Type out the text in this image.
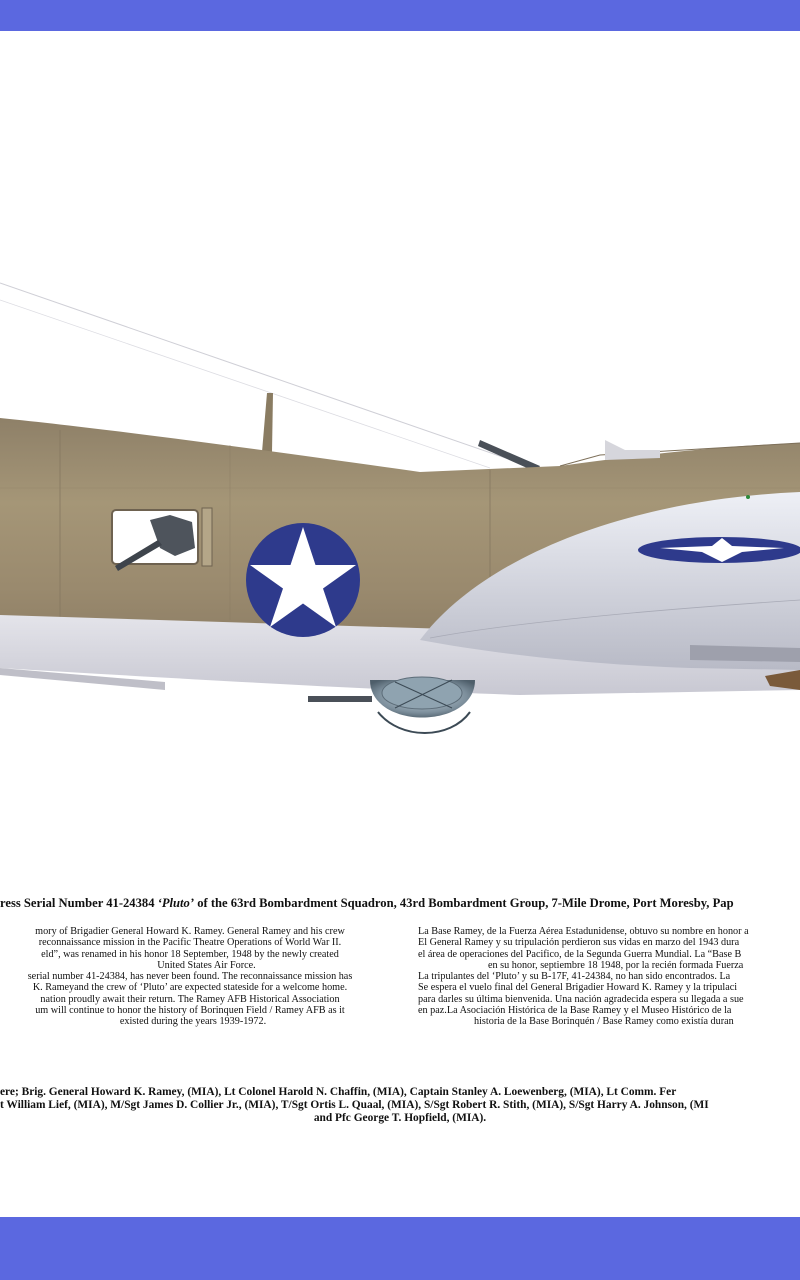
ress Serial Number 41-24384 ‘Pluto’ of the 63rd Bombardment Squadron, 43rd Bombardment Group, 7-Mile Drome, Port Moresby, Pap

mory of Brigadier General Howard K. Ramey. General Ramey and his crew

reconnaissance mission in the Pacific Theatre Operations of World War II.

eld”, was renamed in his honor 18 September, 1948 by the newly created

United States Air Force.

serial number 41-24384, has never been found. The reconnaissance mission has

K. Rameyand the crew of ‘Pluto’ are expected stateside for a welcome home.

nation proudly await their return. The Ramey AFB Historical Association

um will continue to honor the history of Borinquen Field / Ramey AFB as it

existed during the years 1939-1972.

La Base Ramey, de la Fuerza Aérea Estadunidense, obtuvo su nombre en honor a

El General Ramey y su tripulación perdieron sus vidas en marzo del 1943 dura

el área de operaciones del Pacifico, de la Segunda Guerra Mundial. La “Base B

en su honor, septiembre 18 1948, por la recién formada Fuerza

La tripulantes del ‘Pluto’ y su B-17F, 41-24384, no han sido encontrados. La

Se espera el vuelo final del General Brigadier Howard K. Ramey y la tripulaci

para darles su última bienvenida. Una nación agradecida espera su llegada a sue

en paz.La Asociación Histórica de la Base Ramey y el Museo Histórico de la

historia de la Base Borinquén / Base Ramey como existía duran

ere; Brig. General Howard K. Ramey, (MIA), Lt Colonel Harold N. Chaffin, (MIA), Captain Stanley A. Loewenberg, (MIA), Lt Comm. Fer

t William Lief, (MIA), M/Sgt James D. Collier Jr., (MIA), T/Sgt Ortis L. Quaal, (MIA), S/Sgt Robert R. Stith, (MIA), S/Sgt Harry A. Johnson, (MI

and Pfc George T. Hopfield, (MIA).
